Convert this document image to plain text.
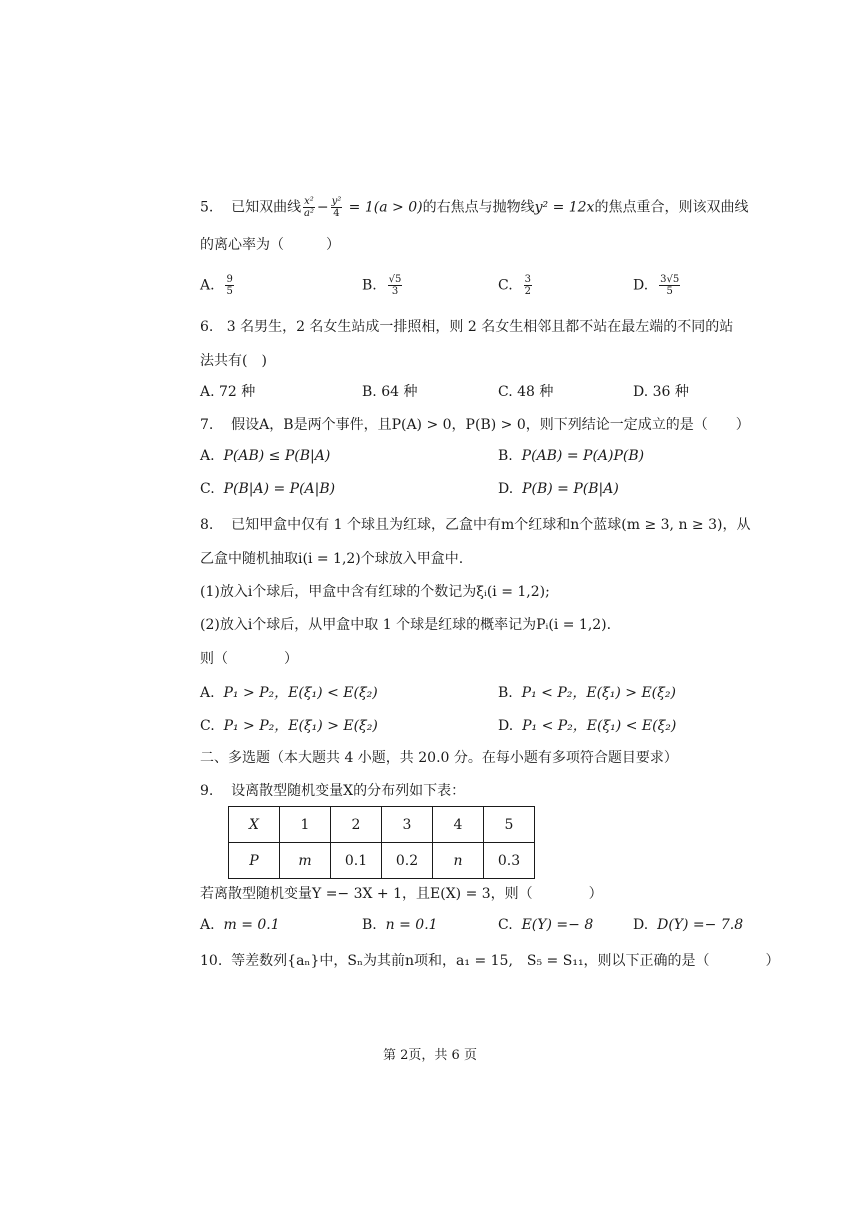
5. 已知双曲线 $\frac{\text{x²}}{\text{a²}} - \frac{\text{y²}}{4} = 1(a > 0)$的右焦点与抛物线y² = 12x的焦点重合，则该双曲线
的离心率为（　　　）
A. $\frac{9}{5}$	B. $\frac{√5}{3}$	C. $\frac{3}{2}$	D. $\frac{3√5}{5}$
6. 3 名男生，2 名女生站成一排照相，则 2 名女生相邻且都不站在最左端的不同的站
法共有(　)
A. 72 种	B. 64 种	C. 48 种	D. 36 种
7. 假设A，B是两个事件，且P(A) > 0，P(B) > 0，则下列结论一定成立的是（　　）
A. P(AB) ≤ P(B|A)	B. P(AB) = P(A)P(B)
C. P(B|A) = P(A|B)	D. P(B) = P(B|A)
8. 已知甲盒中仅有 1 个球且为红球，乙盒中有m个红球和n个蓝球(m ≥ 3, n ≥ 3)，从
乙盒中随机抽取i(i = 1,2)个球放入甲盒中.
(1)放入i个球后，甲盒中含有红球的个数记为ξᵢ(i = 1,2);
(2)放入i个球后，从甲盒中取 1 个球是红球的概率记为Pᵢ(i = 1,2).
则（　　　　）
A. P₁ > P₂，E(ξ₁) < E(ξ₂)	B. P₁ < P₂，E(ξ₁) > E(ξ₂)
C. P₁ > P₂，E(ξ₁) > E(ξ₂)	D. P₁ < P₂，E(ξ₁) < E(ξ₂)
二、多选题（本大题共 4 小题，共 20.0 分。在每小题有多项符合题目要求）
9. 设离散型随机变量X的分布列如下表：
X	1	2	3	4	5
P	m	0.1	0.2	n	0.3
若离散型随机变量Y =− 3X + 1，且E(X) = 3，则（　　　　）
A. m = 0.1	B. n = 0.1	C. E(Y) =− 8	D. D(Y) =− 7.8
10. 等差数列{aₙ}中，Sₙ为其前n项和，a₁ = 15,　S₅ = S₁₁，则以下正确的是（　　　　）
第 2页，共 6 页
